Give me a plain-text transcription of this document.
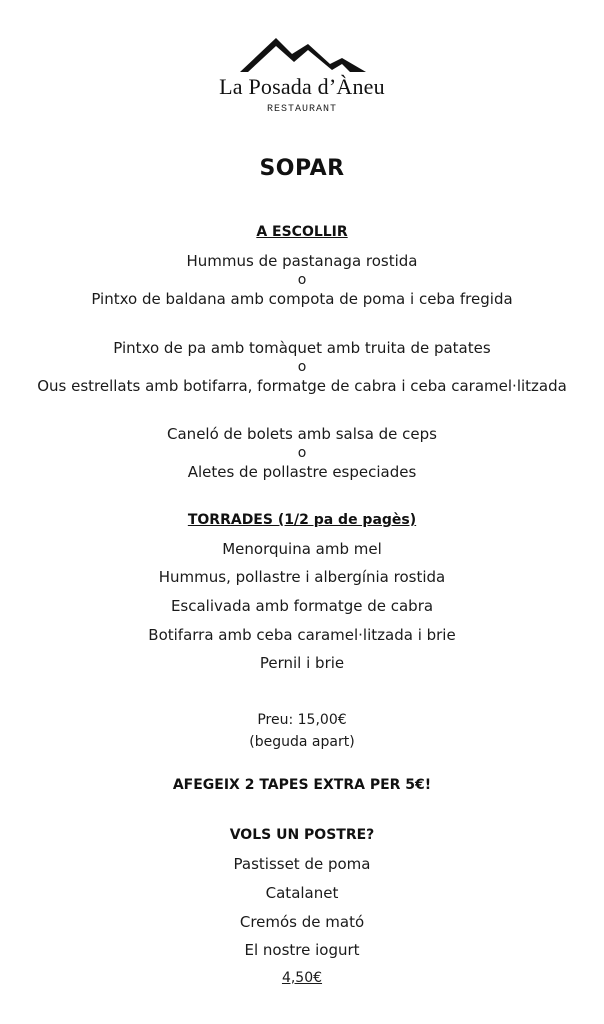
La Posada d’Àneu
RESTAURANT
SOPAR
A ESCOLLIR
Hummus de pastanaga rostida
o
Pintxo de baldana amb compota de poma i ceba fregida
Pintxo de pa amb tomàquet amb truita de patates
o
Ous estrellats amb botifarra, formatge de cabra i ceba caramel·litzada
Caneló de bolets amb salsa de ceps
o
Aletes de pollastre especiades
TORRADES (1/2 pa de pagès)
Menorquina amb mel
Hummus, pollastre i albergínia rostida
Escalivada amb formatge de cabra
Botifarra amb ceba caramel·litzada i brie
Pernil i brie
Preu: 15,00€
(beguda apart)
AFEGEIX 2 TAPES EXTRA PER 5€!
VOLS UN POSTRE?
Pastisset de poma
Catalanet
Cremós de mató
El nostre iogurt
4,50€
